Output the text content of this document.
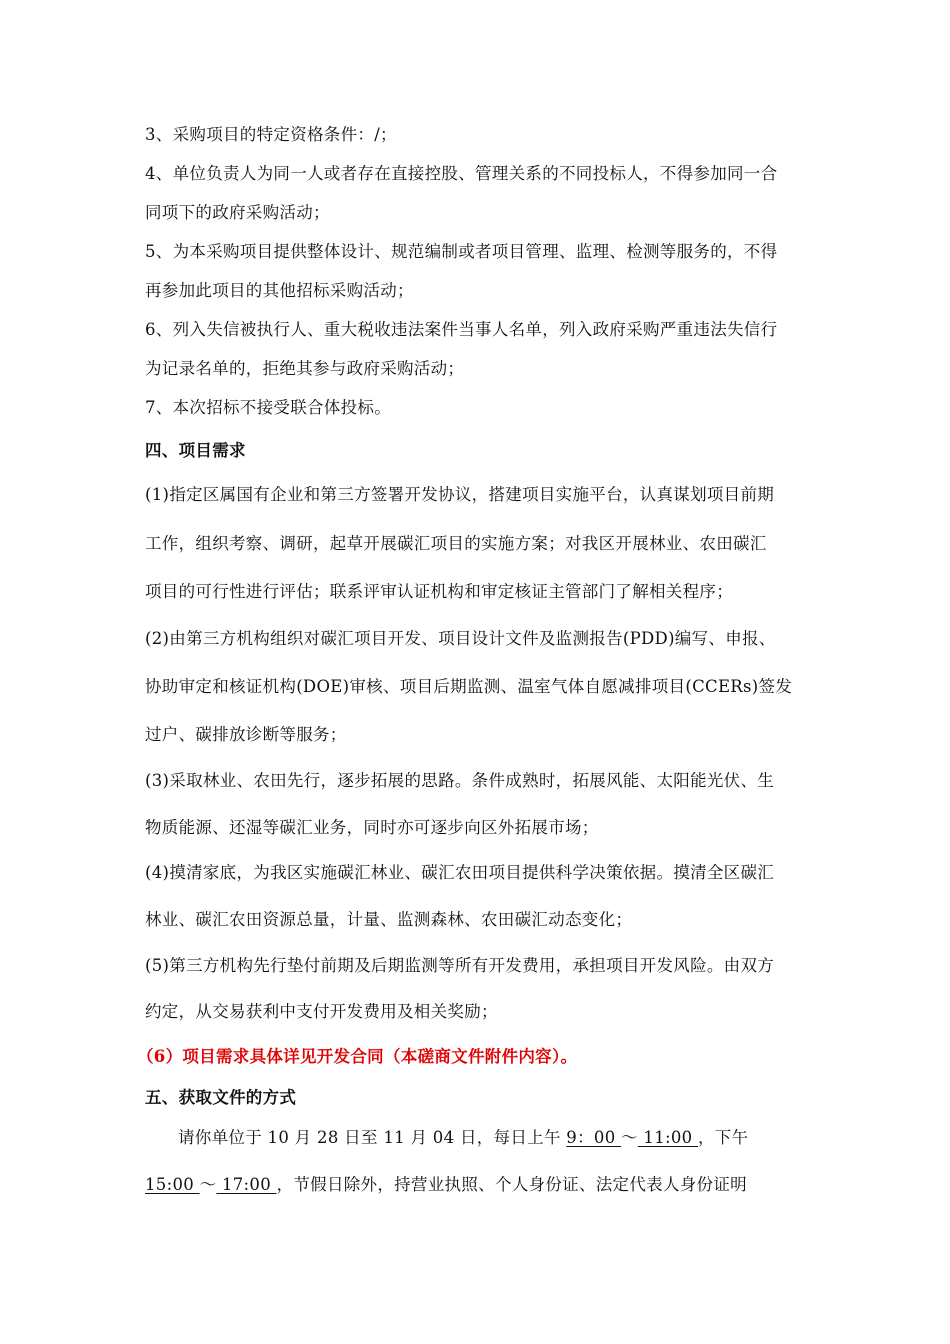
3、采购项目的特定资格条件：/；
4、单位负责人为同一人或者存在直接控股、管理关系的不同投标人，不得参加同一合
同项下的政府采购活动；
5、为本采购项目提供整体设计、规范编制或者项目管理、监理、检测等服务的，不得
再参加此项目的其他招标采购活动；
6、列入失信被执行人、重大税收违法案件当事人名单，列入政府采购严重违法失信行
为记录名单的，拒绝其参与政府采购活动；
7、本次招标不接受联合体投标。
四、项目需求
(1)指定区属国有企业和第三方签署开发协议，搭建项目实施平台，认真谋划项目前期
工作，组织考察、调研，起草开展碳汇项目的实施方案；对我区开展林业、农田碳汇
项目的可行性进行评估；联系评审认证机构和审定核证主管部门了解相关程序；
(2)由第三方机构组织对碳汇项目开发、项目设计文件及监测报告(PDD)编写、申报、
协助审定和核证机构(DOE)审核、项目后期监测、温室气体自愿减排项目(CCERs)签发
过户、碳排放诊断等服务；
(3)采取林业、农田先行，逐步拓展的思路。条件成熟时，拓展风能、太阳能光伏、生
物质能源、还湿等碳汇业务，同时亦可逐步向区外拓展市场；
(4)摸清家底，为我区实施碳汇林业、碳汇农田项目提供科学决策依据。摸清全区碳汇
林业、碳汇农田资源总量，计量、监测森林、农田碳汇动态变化；
(5)第三方机构先行垫付前期及后期监测等所有开发费用，承担项目开发风险。由双方
约定，从交易获利中支付开发费用及相关奖励；
（6）项目需求具体详见开发合同（本磋商文件附件内容）。
五、获取文件的方式
请你单位于 10 月 28 日至 11 月 04 日，每日上午 9：00 ～ 11:00 ，下午
15:00 ～ 17:00 ，节假日除外，持营业执照、个人身份证、法定代表人身份证明
